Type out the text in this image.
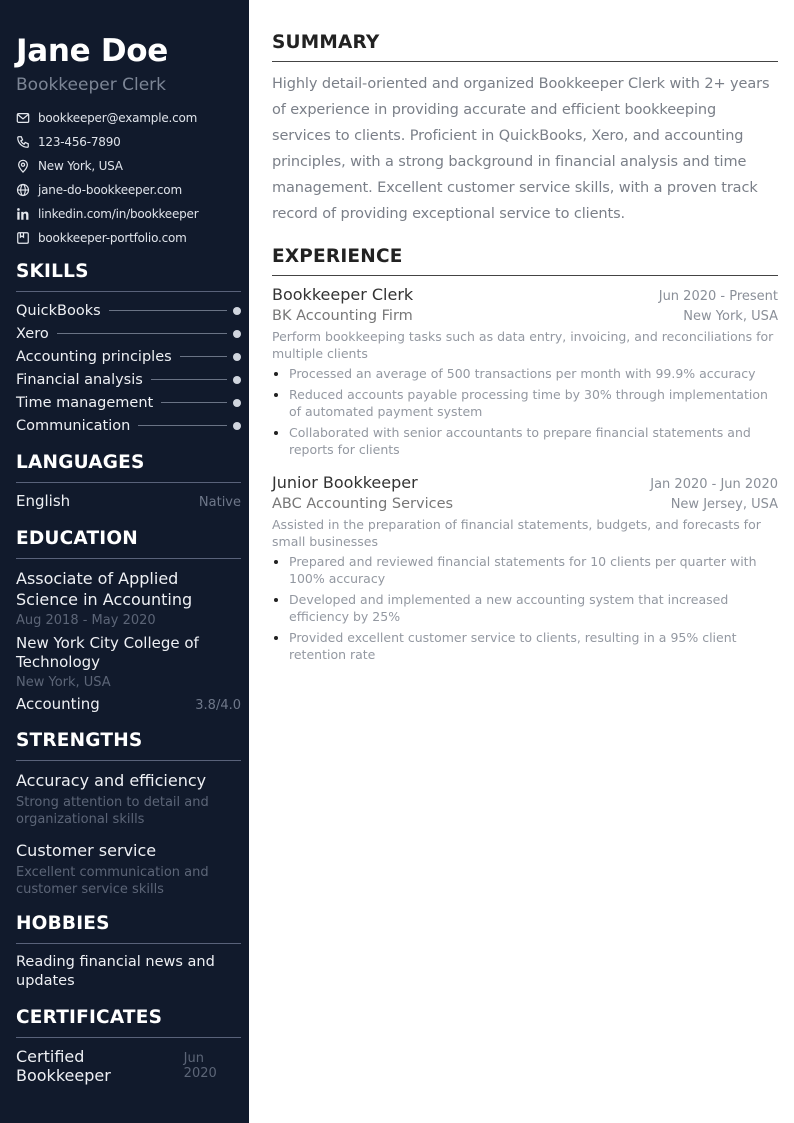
Jane Doe
Bookkeeper Clerk
bookkeeper@example.com
123-456-7890
New York, USA
jane-do-bookkeeper.com
linkedin.com/in/bookkeeper
bookkeeper-portfolio.com
SKILLS
QuickBooks
Xero
Accounting principles
Financial analysis
Time management
Communication
LANGUAGES
English	Native
EDUCATION
Associate of Applied Science in Accounting
Aug 2018 - May 2020
New York City College of Technology
New York, USA
Accounting	3.8/4.0
STRENGTHS
Accuracy and efficiency
Strong attention to detail and organizational skills
Customer service
Excellent communication and customer service skills
HOBBIES
Reading financial news and updates
CERTIFICATES
Certified Bookkeeper
Jun 2020
SUMMARY

Highly detail-oriented and organized Bookkeeper Clerk with 2+ years of experience in providing accurate and efficient bookkeeping services to clients. Proficient in QuickBooks, Xero, and accounting principles, with a strong background in financial analysis and time management. Excellent customer service skills, with a proven track record of providing exceptional service to clients.

EXPERIENCE
Bookkeeper Clerk	Jun 2020 - Present
BK Accounting Firm	New York, USA
Perform bookkeeping tasks such as data entry, invoicing, and reconciliations for multiple clients
Processed an average of 500 transactions per month with 99.9% accuracy
Reduced accounts payable processing time by 30% through implementation of automated payment system
Collaborated with senior accountants to prepare financial statements and reports for clients
Junior Bookkeeper	Jan 2020 - Jun 2020
ABC Accounting Services	New Jersey, USA
Assisted in the preparation of financial statements, budgets, and forecasts for small businesses
Prepared and reviewed financial statements for 10 clients per quarter with 100% accuracy
Developed and implemented a new accounting system that increased efficiency by 25%
Provided excellent customer service to clients, resulting in a 95% client retention rate
